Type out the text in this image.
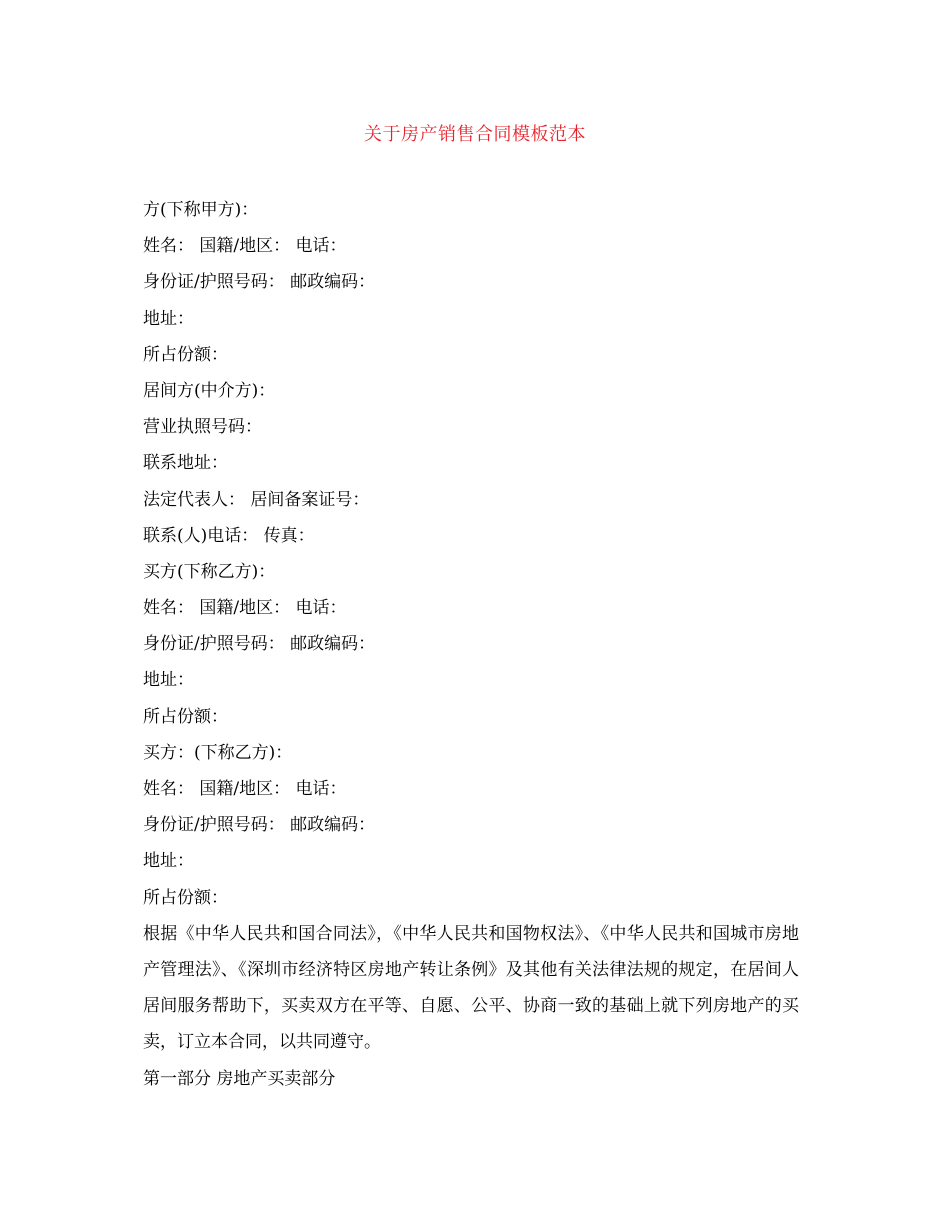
关于房产销售合同模板范本
方(下称甲方)：
姓名： 国籍/地区： 电话：
身份证/护照号码： 邮政编码：
地址：
所占份额：
居间方(中介方)：
营业执照号码：
联系地址：
法定代表人： 居间备案证号：
联系(人)电话： 传真：
买方(下称乙方)：
姓名： 国籍/地区： 电话：
身份证/护照号码： 邮政编码：
地址：
所占份额：
买方：(下称乙方)：
姓名： 国籍/地区： 电话：
身份证/护照号码： 邮政编码：
地址：
所占份额：

根据《中华人民共和国合同法》，《中华人民共和国物权法》、《中华人民共和国城市房地产管理法》、《深圳市经济特区房地产转让条例》及其他有关法律法规的规定，在居间人居间服务帮助下，买卖双方在平等、自愿、公平、协商一致的基础上就下列房地产的买卖，订立本合同，以共同遵守。

第一部分 房地产买卖部分
